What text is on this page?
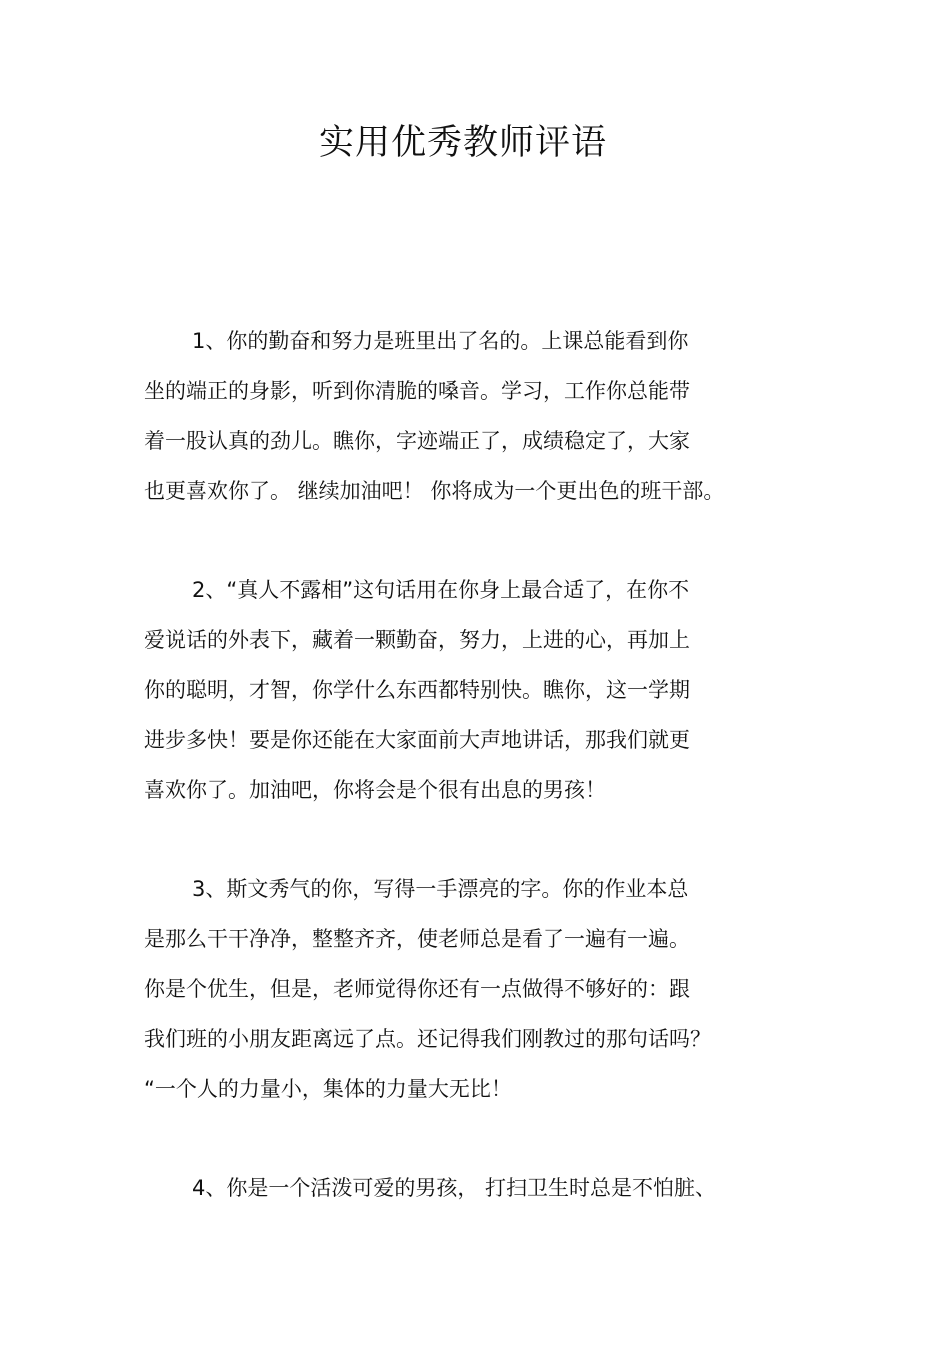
实用优秀教师评语
1、你的勤奋和努力是班里出了名的。上课总能看到你
坐的端正的身影，听到你清脆的嗓音。学习，工作你总能带
着一股认真的劲儿。瞧你，字迹端正了，成绩稳定了，大家
也更喜欢你了。 继续加油吧！ 你将成为一个更出色的班干部。
2、“真人不露相”这句话用在你身上最合适了，在你不
爱说话的外表下，藏着一颗勤奋，努力，上进的心，再加上
你的聪明，才智，你学什么东西都特别快。瞧你，这一学期
进步多快！要是你还能在大家面前大声地讲话，那我们就更
喜欢你了。加油吧，你将会是个很有出息的男孩！
3、斯文秀气的你，写得一手漂亮的字。你的作业本总
是那么干干净净，整整齐齐，使老师总是看了一遍有一遍。
你是个优生，但是，老师觉得你还有一点做得不够好的：跟
我们班的小朋友距离远了点。还记得我们刚教过的那句话吗？
“一个人的力量小，集体的力量大无比！
4、你是一个活泼可爱的男孩， 打扫卫生时总是不怕脏、
